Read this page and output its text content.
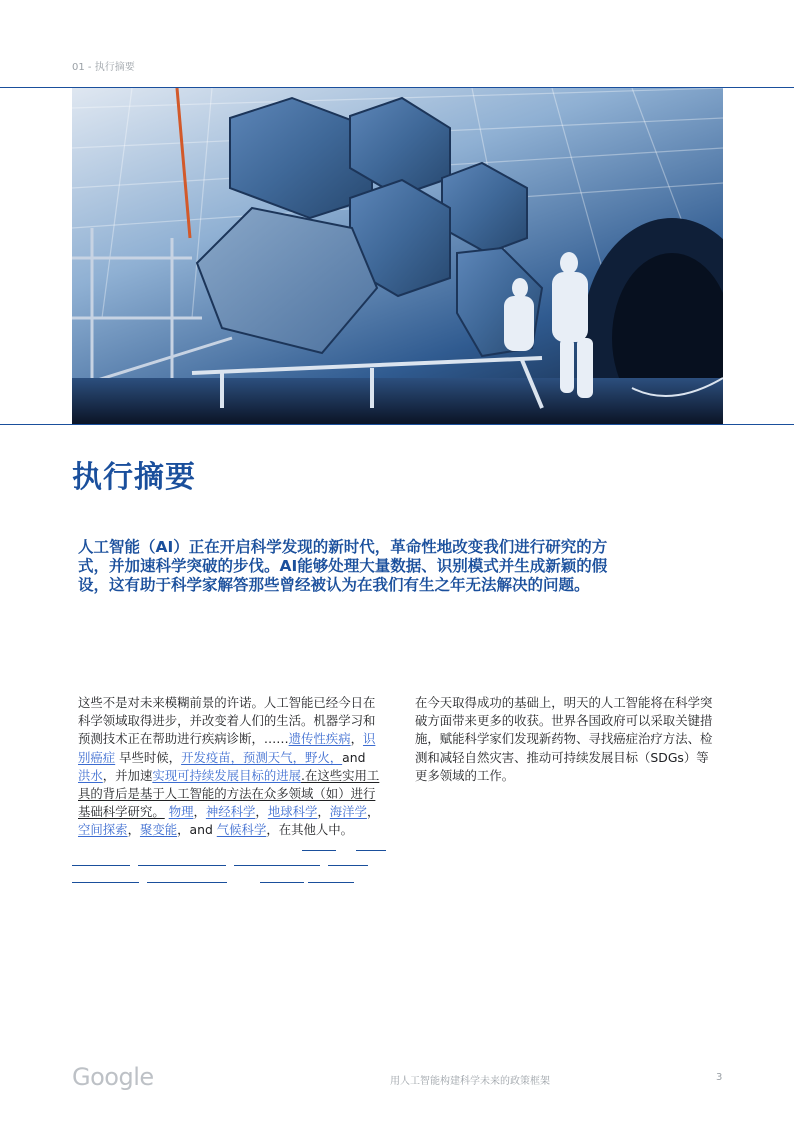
01 - 执行摘要
执行摘要

人工智能（AI）正在开启科学发现的新时代，革命性地改变我们进行研究的方式，并加速科学突破的步伐。AI能够处理大量数据、识别模式并生成新颖的假设，这有助于科学家解答那些曾经被认为在我们有生之年无法解决的问题。

这些不是对未来模糊前景的许诺。人工智能已经今日在科学领域取得进步，并改变着人们的生活。机器学习和预测技术正在帮助进行疾病诊断，……遗传性疾病，识别癌症 早些时候，开发疫苗，预测天气，野火，and 洪水，并加速实现可持续发展目标的进展.在这些实用工具的背后是基于人工智能的方法在众多领域（如）进行基础科学研究。 物理，神经科学，地球科学，海洋学，空间探索，聚变能，and 气候科学，在其他人中。
在今天取得成功的基础上，明天的人工智能将在科学突破方面带来更多的收获。世界各国政府可以采取关键措施，赋能科学家们发现新药物、寻找癌症治疗方法、检测和减轻自然灾害、推动可持续发展目标（SDGs）等更多领域的工作。
Google	用人工智能构建科学未来的政策框架	3
